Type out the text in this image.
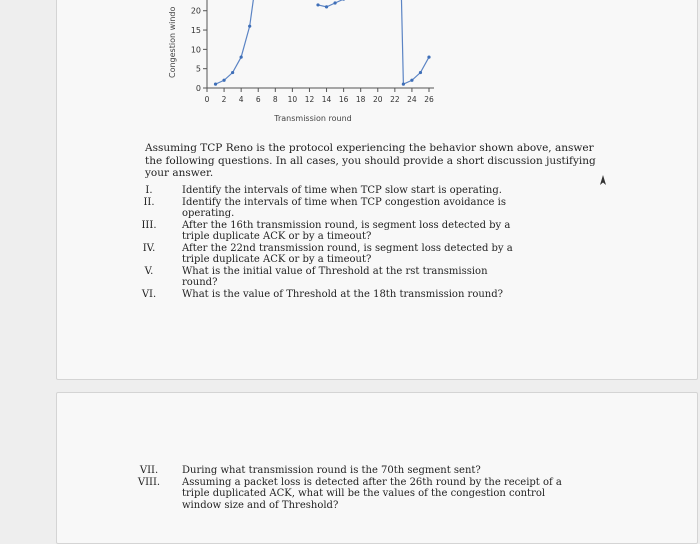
Congestion windo 20
15
10
5
0
0 2 4 6 8 10 12 14 16 18 20 22 24 26
Transmission round
Assuming TCP Reno is the protocol experiencing the behavior shown above, answer the following questions. In all cases, you should provide a short discussion justifying your answer.
I.	Identify the intervals of time when TCP slow start is operating.
II.	Identify the intervals of time when TCP congestion avoidance is operating.
III.	After the 16th transmission round, is segment loss detected by a triple duplicate ACK or by a timeout?
IV.	After the 22nd transmission round, is segment loss detected by a triple duplicate ACK or by a timeout?
V.	What is the initial value of Threshold at the rst transmission round?
VI.	What is the value of Threshold at the 18th transmission round?
VII.	During what transmission round is the 70th segment sent?
VIII.	Assuming a packet loss is detected after the 26th round by the receipt of a triple duplicated ACK, what will be the values of the congestion control window size and of Threshold?
